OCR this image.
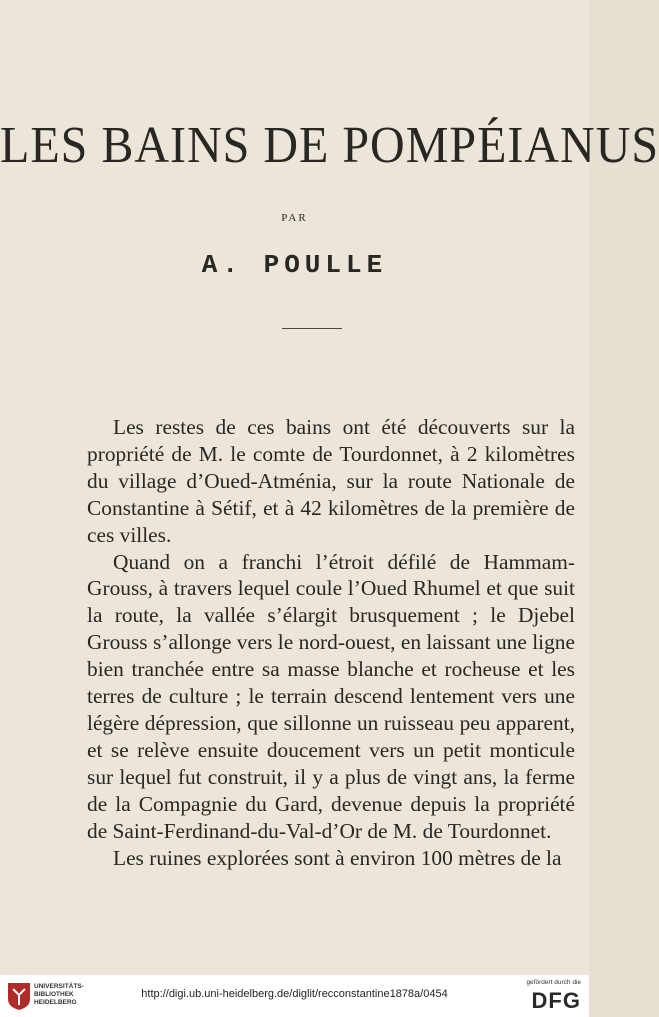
LES BAINS DE POMPÉIANUS
PAR
A. POULLE

Les restes de ces bains ont été découverts sur la propriété de M. le comte de Tourdonnet, à 2 kilomètres du village d’Oued-Atménia, sur la route Nationale de Constantine à Sétif, et à 42 kilomètres de la première de ces villes.

Quand on a franchi l’étroit défilé de Hammam-Grouss, à travers lequel coule l’Oued Rhumel et que suit la route, la vallée s’élargit brusquement ; le Djebel Grouss s’allonge vers le nord-ouest, en laissant une ligne bien tranchée entre sa masse blanche et rocheuse et les terres de culture ; le terrain descend lentement vers une légère dépression, que sillonne un ruisseau peu apparent, et se relève ensuite doucement vers un petit monticule sur lequel fut construit, il y a plus de vingt ans, la ferme de la Compagnie du Gard, devenue depuis la propriété de Saint-Ferdinand-du-Val-d’Or de M. de Tourdonnet.

Les ruines explorées sont à environ 100 mètres de la

UNIVERSITÄTS-
BIBLIOTHEK
HEIDELBERG
http://digi.ub.uni-heidelberg.de/diglit/recconstantine1878a/0454
gefördert durch die
DFG
